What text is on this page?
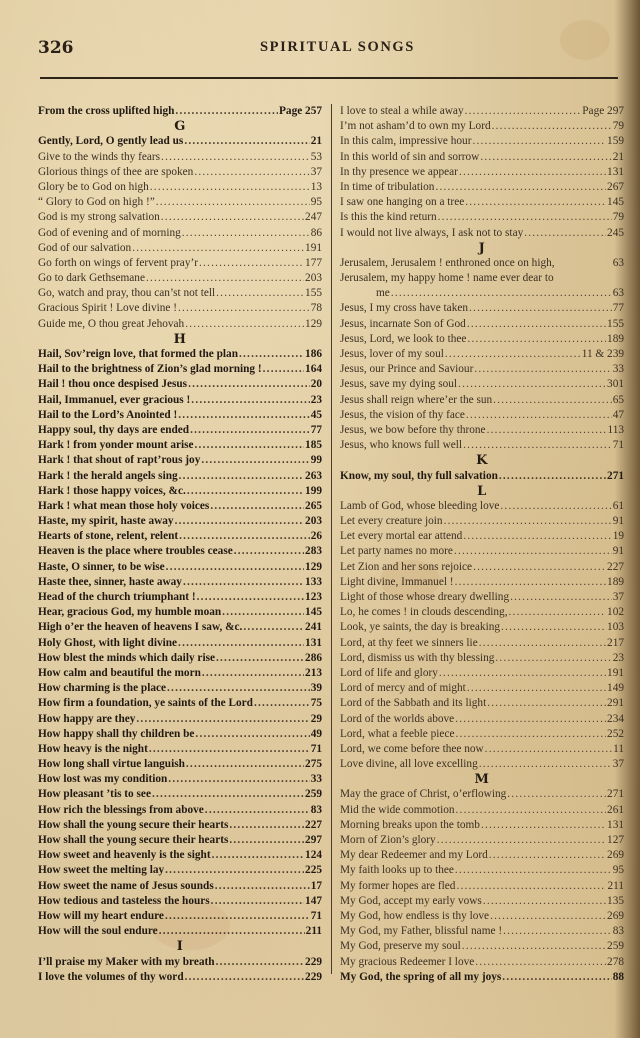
326	SPIRITUAL SONGS
From the cross uplifted high .....	Page 257
G
Gently, Lord, O gently lead us .....	21
Give to the winds thy fears .....	53
Glorious things of thee are spoken .....	37
Glory be to God on high .....	13
“ Glory to God on high !” .....	95
God is my strong salvation .....	247
God of evening and of morning .....	86
God of our salvation .....	191
Go forth on wings of fervent pray’r .....	177
Go to dark Gethsemane .....	203
Go, watch and pray, thou can’st not tell .....	155
Gracious Spirit ! Love divine ! .....	78
Guide me, O thou great Jehovah .....	129
H
Hail, Sov’reign love, that formed the plan .....	186
Hail to the brightness of Zion’s glad morning ! .....	164
Hail ! thou once despised Jesus .....	20
Hail, Immanuel, ever gracious ! .....	23
Hail to the Lord’s Anointed ! .....	45
Happy soul, thy days are ended .....	77
Hark ! from yonder mount arise .....	185
Hark ! that shout of rapt’rous joy .....	99
Hark ! the herald angels sing .....	263
Hark ! those happy voices, &c. .....	199
Hark ! what mean those holy voices .....	265
Haste, my spirit, haste away .....	203
Hearts of stone, relent, relent .....	26
Heaven is the place where troubles cease .....	283
Haste, O sinner, to be wise .....	129
Haste thee, sinner, haste away .....	133
Head of the church triumphant ! .....	123
Hear, gracious God, my humble moan .....	145
High o’er the heaven of heavens I saw, &c. .....	241
Holy Ghost, with light divine .....	131
How blest the minds which daily rise .....	286
How calm and beautiful the morn .....	213
How charming is the place .....	39
How firm a foundation, ye saints of the Lord .....	75
How happy are they .....	29
How happy shall thy children be .....	49
How heavy is the night .....	71
How long shall virtue languish .....	275
How lost was my condition .....	33
How pleasant ’tis to see .....	259
How rich the blessings from above .....	83
How shall the young secure their hearts .....	227
How shall the young secure their hearts .....	297
How sweet and heavenly is the sight .....	124
How sweet the melting lay .....	225
How sweet the name of Jesus sounds .....	17
How tedious and tasteless the hours .....	147
How will my heart endure .....	71
How will the soul endure .....	211
I
I’ll praise my Maker with my breath .....	229
I love the volumes of thy word .....	229
I love to steal a while away .....	Page 297
I’m not asham’d to own my Lord .....	79
In this calm, impressive hour .....	159
In this world of sin and sorrow .....	21
In thy presence we appear .....	131
In time of tribulation .....	267
I saw one hanging on a tree .....	145
Is this the kind return .....	79
I would not live always, I ask not to stay .....	245
J
Jerusalem, Jerusalem ! enthroned once on high,	63
Jerusalem, my happy home ! name ever dear to
me .....	63
Jesus, I my cross have taken .....	77
Jesus, incarnate Son of God .....	155
Jesus, Lord, we look to thee .....	189
Jesus, lover of my soul .....	11 & 239
Jesus, our Prince and Saviour .....	33
Jesus, save my dying soul .....	301
Jesus shall reign where’er the sun .....	65
Jesus, the vision of thy face .....	47
Jesus, we bow before thy throne .....	113
Jesus, who knows full well .....	71
K
Know, my soul, thy full salvation .....	271
L
Lamb of God, whose bleeding love .....	61
Let every creature join .....	91
Let every mortal ear attend .....	19
Let party names no more .....	91
Let Zion and her sons rejoice .....	227
Light divine, Immanuel ! .....	189
Light of those whose dreary dwelling .....	37
Lo, he comes ! in clouds descending, .....	102
Look, ye saints, the day is breaking .....	103
Lord, at thy feet we sinners lie .....	217
Lord, dismiss us with thy blessing .....	23
Lord of life and glory .....	191
Lord of mercy and of might .....	149
Lord of the Sabbath and its light .....	291
Lord of the worlds above .....	234
Lord, what a feeble piece .....	252
Lord, we come before thee now .....	11
Love divine, all love excelling .....	37
M
May the grace of Christ, o’erflowing .....	271
Mid the wide commotion .....	261
Morning breaks upon the tomb .....	131
Morn of Zion’s glory .....	127
My dear Redeemer and my Lord .....	269
My faith looks up to thee .....	95
My former hopes are fled .....	211
My God, accept my early vows .....	135
My God, how endless is thy love .....	269
My God, my Father, blissful name ! .....	83
My God, preserve my soul .....	259
My gracious Redeemer I love .....	278
My God, the spring of all my joys .....	88
